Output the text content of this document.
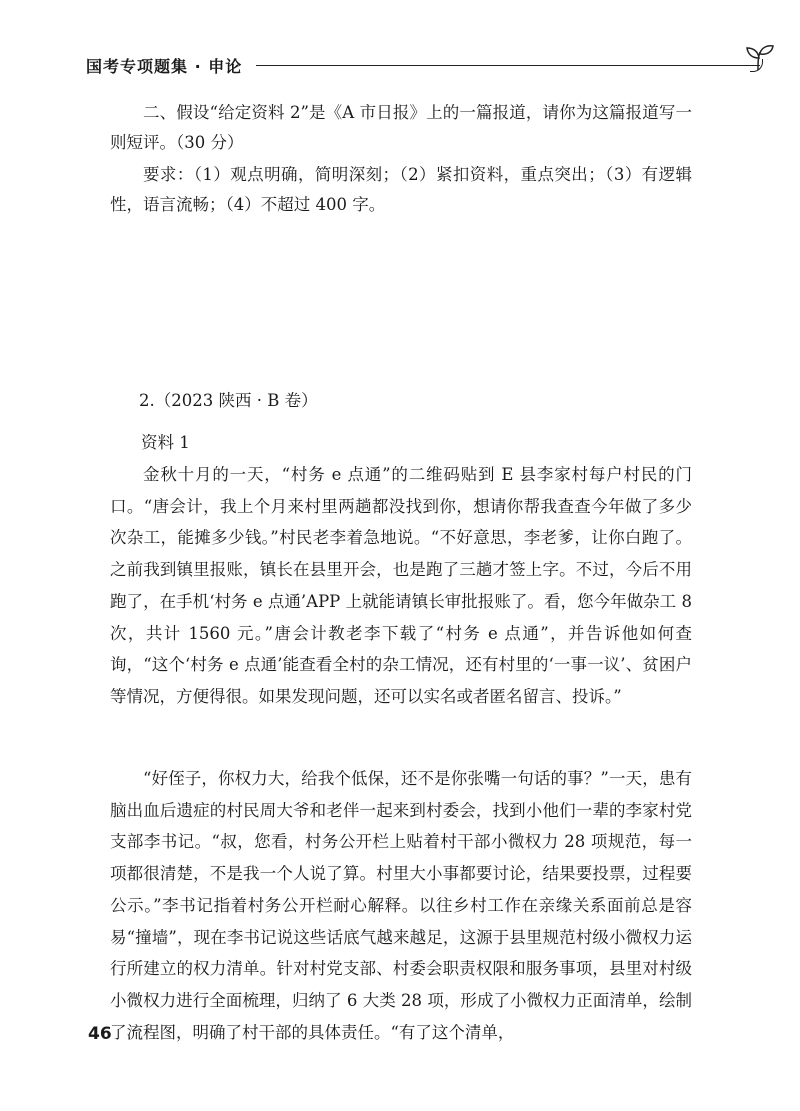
国考专项题集 · 申论

二、假设“给定资料 2”是《A 市日报》上的一篇报道，请你为这篇报道写一则短评。（30 分）

要求：（1）观点明确，简明深刻；（2）紧扣资料，重点突出；（3）有逻辑性，语言流畅；（4）不超过 400 字。

2.（2023 陕西 · B 卷）

资料 1

金秋十月的一天，“村务 e 点通”的二维码贴到 E 县李家村每户村民的门口。“唐会计，我上个月来村里两趟都没找到你，想请你帮我查查今年做了多少次杂工，能摊多少钱。”村民老李着急地说。“不好意思，李老爹，让你白跑了。之前我到镇里报账，镇长在县里开会，也是跑了三趟才签上字。不过，今后不用跑了，在手机‘村务 e 点通’APP 上就能请镇长审批报账了。看，您今年做杂工 8 次，共计 1560 元。”唐会计教老李下载了“村务 e 点通”，并告诉他如何查询，“这个‘村务 e 点通’能查看全村的杂工情况，还有村里的‘一事一议’、贫困户等情况，方便得很。如果发现问题，还可以实名或者匿名留言、投诉。”

“好侄子，你权力大，给我个低保，还不是你张嘴一句话的事？”一天，患有脑出血后遗症的村民周大爷和老伴一起来到村委会，找到小他们一辈的李家村党支部李书记。“叔，您看，村务公开栏上贴着村干部小微权力 28 项规范，每一项都很清楚，不是我一个人说了算。村里大小事都要讨论，结果要投票，过程要公示。”李书记指着村务公开栏耐心解释。以往乡村工作在亲缘关系面前总是容易“撞墙”，现在李书记说这些话底气越来越足，这源于县里规范村级小微权力运行所建立的权力清单。针对村党支部、村委会职责权限和服务事项，县里对村级小微权力进行全面梳理，归纳了 6 大类 28 项，形成了小微权力正面清单，绘制了流程图，明确了村干部的具体责任。“有了这个清单，

46
